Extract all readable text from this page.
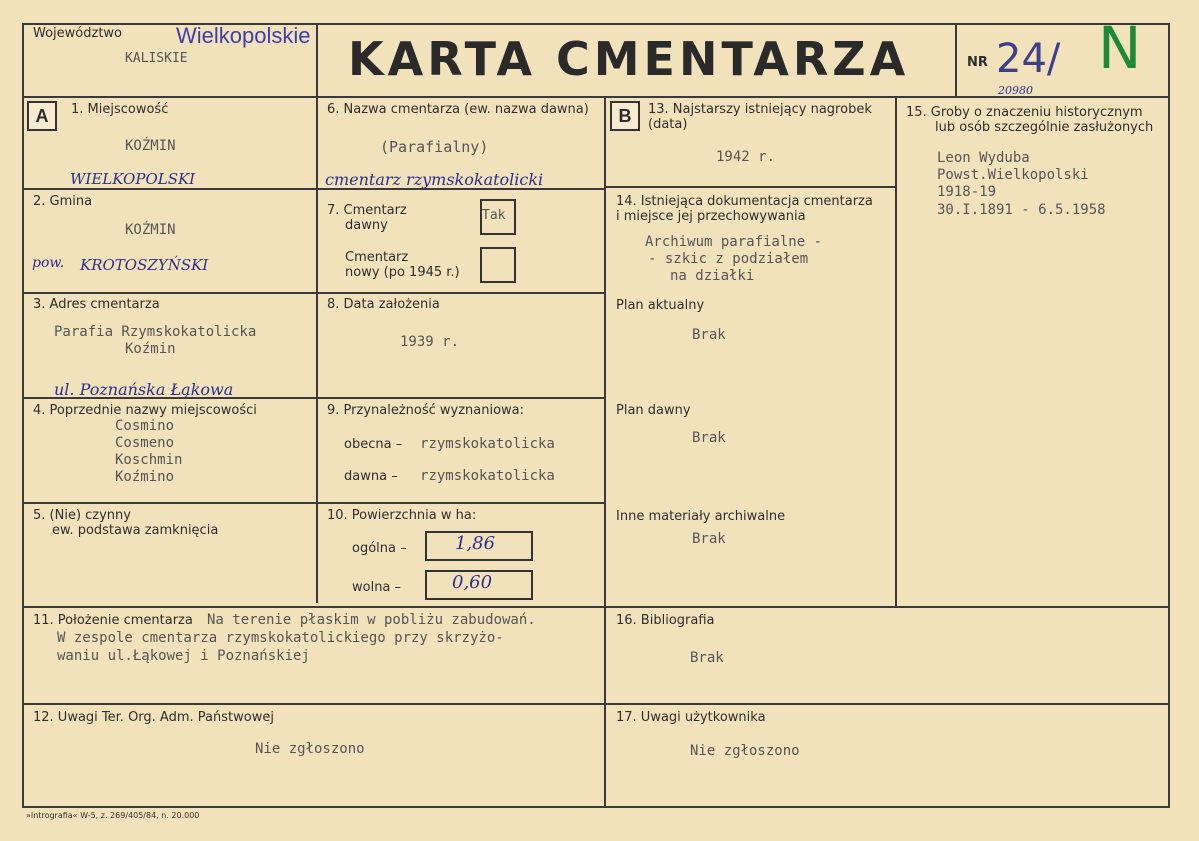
Województwo Wielkopolskie
KALISKIE	KARTA CMENTARZA	NR 24/
20980
N
A	B
1. Miejscowość
KOŹMIN
WIELKOPOLSKI
2. Gmina
KOŹMIN
pow. KROTOSZYŃSKI
3. Adres cmentarza
Parafia Rzymskokatolicka
Koźmin
ul. Poznańska Łąkowa
4. Poprzednie nazwy miejscowości
Cosmino
Cosmeno
Koschmin
Koźmino
5. (Nie) czynny
ew. podstawa zamknięcia
6. Nazwa cmentarza (ew. nazwa dawna)
(Parafialny)
cmentarz rzymskokatolicki
7. Cmentarz
dawny
Tak
Cmentarz
nowy (po 1945 r.)
8. Data założenia
1939 r.
9. Przynależność wyznaniowa:
obecna – rzymskokatolicka
dawna – rzymskokatolicka
10. Powierzchnia w ha:
ogólna –	1,86
wolna –	0,60
11. Położenie cmentarza Na terenie płaskim w pobliżu zabudowań.
W zespole cmentarza rzymskokatolickiego przy skrzyżo-
waniu ul.Łąkowej i Poznańskiej
12. Uwagi Ter. Org. Adm. Państwowej
Nie zgłoszono
13. Najstarszy istniejący nagrobek
(data)
1942 r.
14. Istniejąca dokumentacja cmentarza
i miejsce jej przechowywania
Archiwum parafialne -
- szkic z podziałem
na działki
Plan aktualny
Brak
Plan dawny
Brak
Inne materiały archiwalne
Brak
15. Groby o znaczeniu historycznym
lub osób szczególnie zasłużonych
Leon Wyduba
Powst.Wielkopolski
1918-19
30.I.1891 - 6.5.1958
16. Bibliografia
Brak
17. Uwagi użytkownika
Nie zgłoszono
»Intrografia« W-5, z. 269/405/84, n. 20.000
